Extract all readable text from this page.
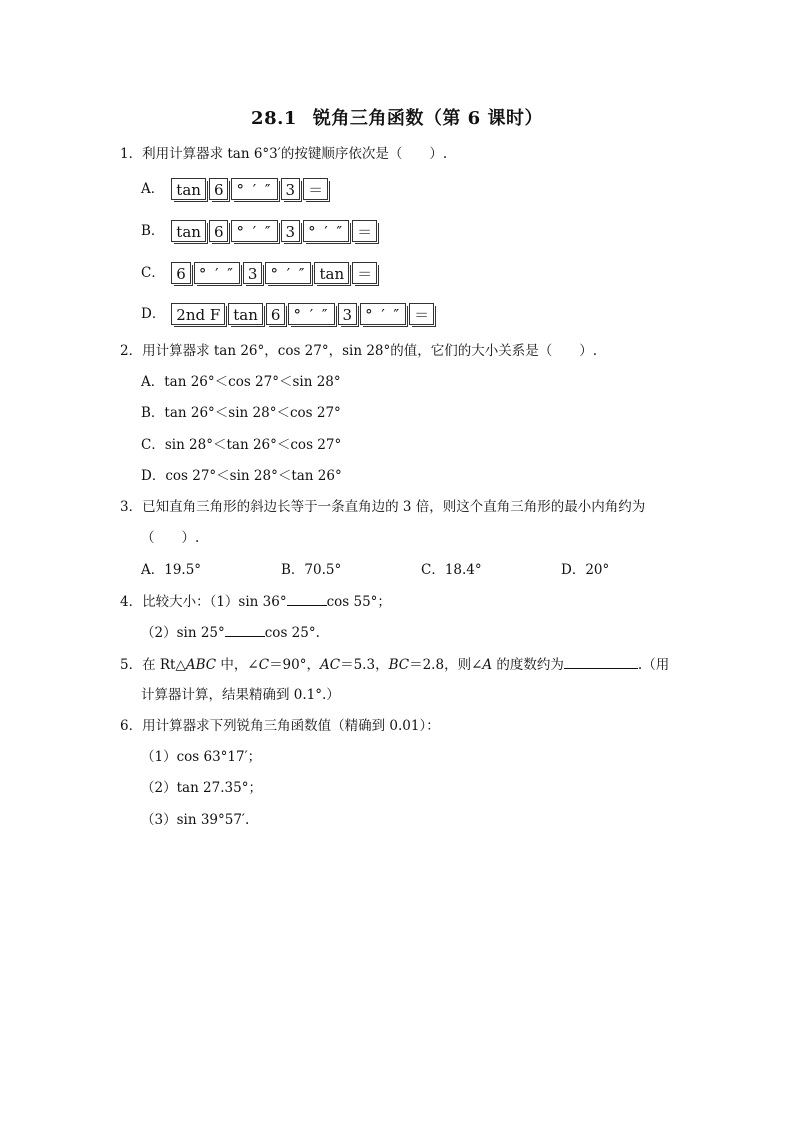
28.1 锐角三角函数（第 6 课时）
1．利用计算器求 tan 6°3′的按键顺序依次是（　　）.
A． tan 6 ° ′ ″ 3 ＝
B． tan 6 ° ′ ″ 3 ° ′ ″ ＝
C． 6 ° ′ ″ 3 ° ′ ″ tan ＝
D． 2nd F tan 6 ° ′ ″ 3 ° ′ ″ ＝
2．用计算器求 tan 26°，cos 27°，sin 28°的值，它们的大小关系是（　　）.
A．tan 26°＜cos 27°＜sin 28°
B．tan 26°＜sin 28°＜cos 27°
C．sin 28°＜tan 26°＜cos 27°
D．cos 27°＜sin 28°＜tan 26°
3．已知直角三角形的斜边长等于一条直角边的 3 倍，则这个直角三角形的最小内角约为
（　　）.
A．19.5°	B．70.5°	C．18.4°	D．20°
4．比较大小：（1）sin 36°	cos 55°；
（2）sin 25°	cos 25°.
5．在 Rt△ABC 中，∠C＝90°，AC＝5.3，BC＝2.8，则∠A 的度数约为	.（用
计算器计算，结果精确到 0.1°.）
6．用计算器求下列锐角三角函数值（精确到 0.01）：
（1）cos 63°17′；
（2）tan 27.35°；
（3）sin 39°57′.
